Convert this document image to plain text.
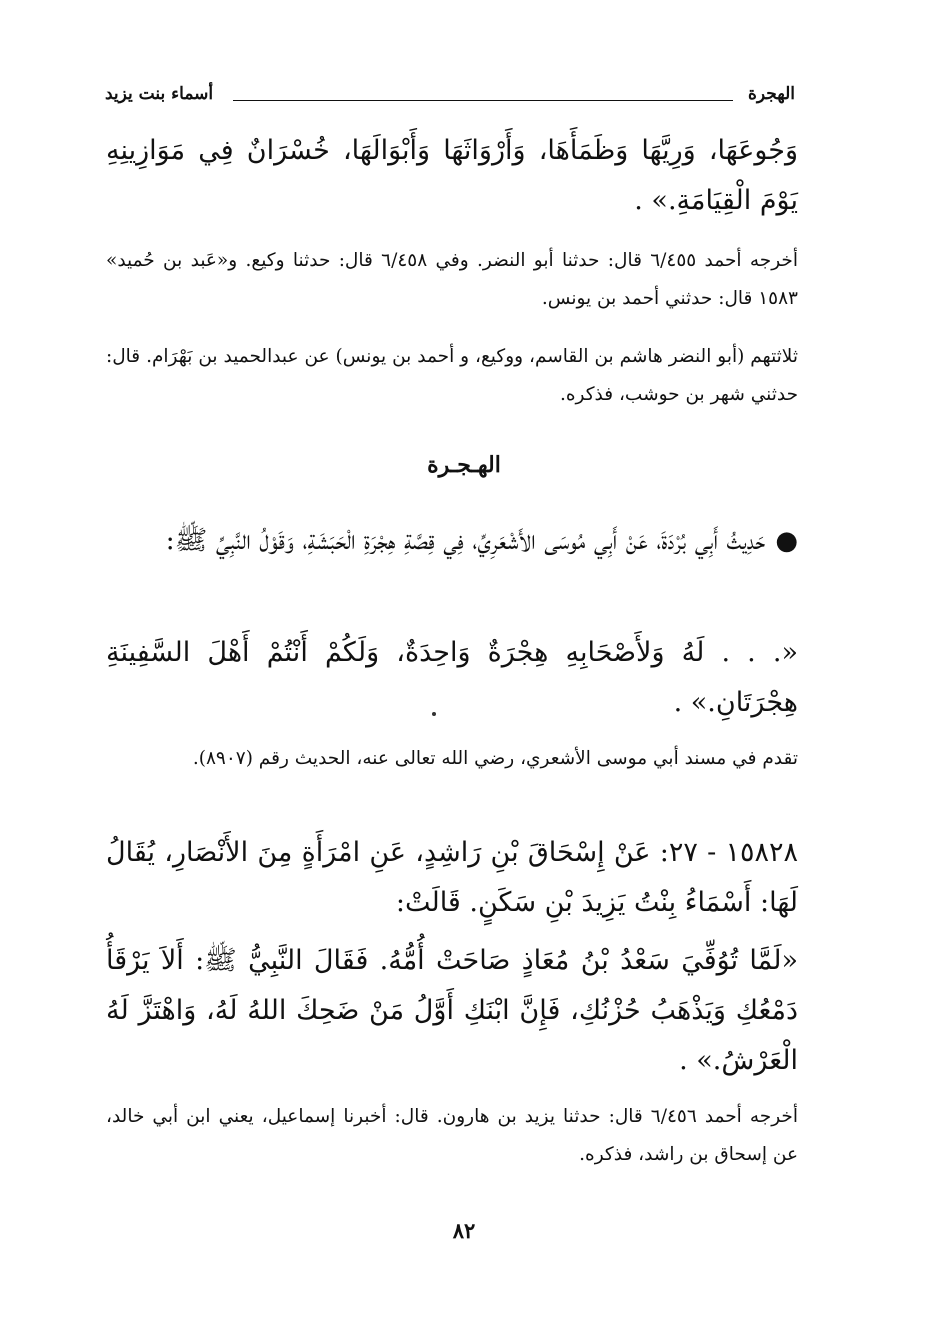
الهجرة
أسماء بنت يزيد

وَجُوعَهَا، وَرِيَّهَا وَظَمَأَهَا، وَأَرْوَاثَهَا وَأَبْوَالَهَا، خُسْرَانٌ فِي مَوَازِينِهِ يَوْمَ الْقِيَامَةِ.» .

أخرجه أحمد ٦/٤٥٥ قال: حدثنا أبو النضر. وفي ٦/٤٥٨ قال: حدثنا وكيع. و«عَبد بن حُميد» ١٥٨٣ قال: حدثني أحمد بن يونس.

ثلاثتهم (أبو النضر هاشم بن القاسم، ووكيع، و أحمد بن يونس) عن عبدالحميد بن بَهْرَام. قال: حدثني شهر بن حوشب، فذكره.

الهـجـرة

●حَدِيثُ أَبِي بُرْدَةَ، عَنْ أَبِي مُوسَى الأَشْعَرِيِّ، فِي قِصَّةِ هِجْرَةِ الْحَبَشَةِ، وَقَوْلُ النَّبِيِّ ﷺ:

«. . . لَهُ وَلأَصْحَابِهِ هِجْرَةٌ وَاحِدَةٌ، وَلَكُمْ أَنْتُمْ أَهْلَ السَّفِينَةِ هِجْرَتَانِ.» .

تقدم في مسند أبي موسى الأشعري، رضي الله تعالى عنه، الحديث رقم (٨٩٠٧).

١٥٨٢٨ - ٢٧: عَنْ إِسْحَاقَ بْنِ رَاشِدٍ، عَنِ امْرَأَةٍ مِنَ الأَنْصَارِ، يُقَالُ لَهَا: أَسْمَاءُ بِنْتُ يَزِيدَ بْنِ سَكَنٍ. قَالَتْ:

«لَمَّا تُوُفِّيَ سَعْدُ بْنُ مُعَاذٍ صَاحَتْ أُمُّهُ. فَقَالَ النَّبِيُّ ﷺ: أَلاَ يَرْقَأُ دَمْعُكِ وَيَذْهَبُ حُزْنُكِ، فَإِنَّ ابْنَكِ أَوَّلُ مَنْ ضَحِكَ اللهُ لَهُ، وَاهْتَزَّ لَهُ الْعَرْشُ.» .

أخرجه أحمد ٦/٤٥٦ قال: حدثنا يزيد بن هارون. قال: أخبرنا إسماعيل، يعني ابن أبي خالد، عن إسحاق بن راشد، فذكره.

٨٢
